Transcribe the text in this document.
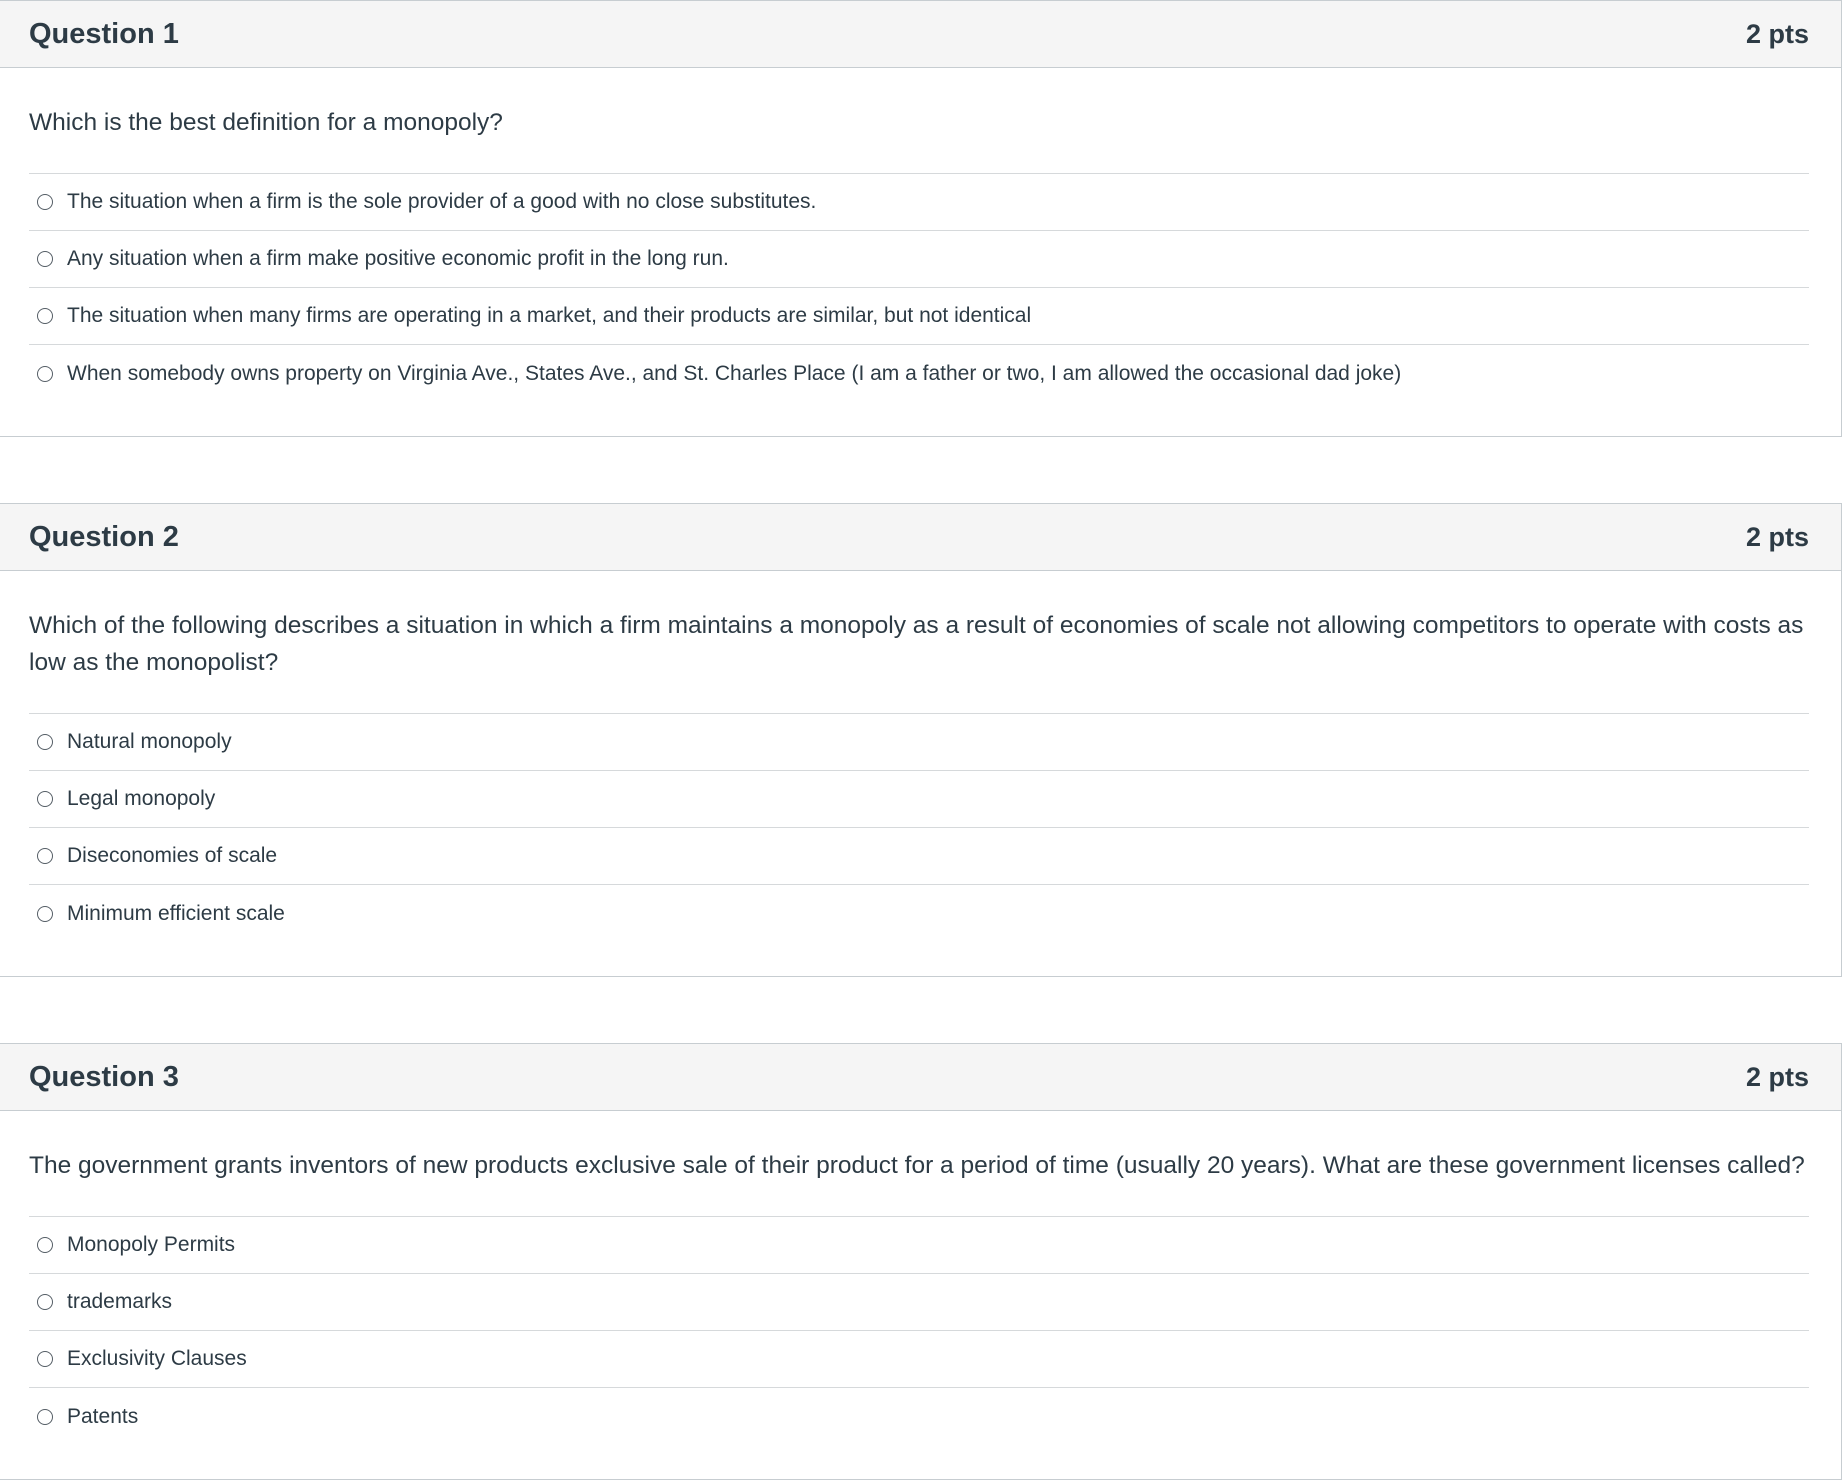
Question 1	2 pts

Which is the best definition for a monopoly?

The situation when a firm is the sole provider of a good with no close substitutes.
Any situation when a firm make positive economic profit in the long run.
The situation when many firms are operating in a market, and their products are similar, but not identical
When somebody owns property on Virginia Ave., States Ave., and St. Charles Place (I am a father or two, I am allowed the occasional dad joke)
Question 2	2 pts

Which of the following describes a situation in which a firm maintains a monopoly as a result of economies of scale not allowing competitors to operate with costs as low as the monopolist?

Natural monopoly
Legal monopoly
Diseconomies of scale
Minimum efficient scale
Question 3	2 pts

The government grants inventors of new products exclusive sale of their product for a period of time (usually 20 years). What are these government licenses called?

Monopoly Permits
trademarks
Exclusivity Clauses
Patents
